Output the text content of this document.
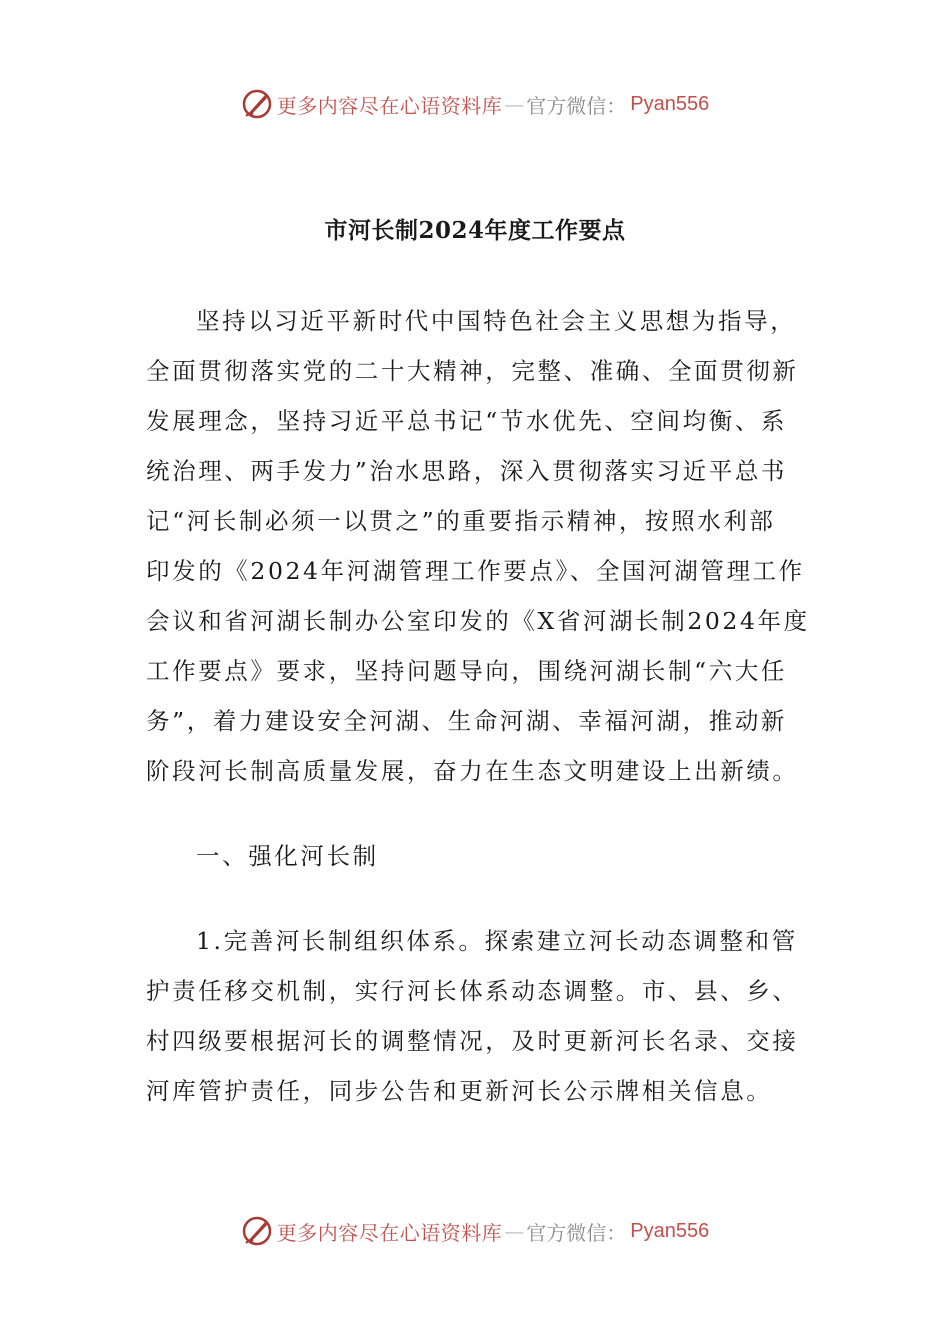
更多内容尽在心语资料库 — 官方微信： Pyan556
市河长制2024年度工作要点
坚持以习近平新时代中国特色社会主义思想为指导，
全面贯彻落实党的二十大精神，完整、准确、全面贯彻新
发展理念，坚持习近平总书记“节水优先、空间均衡、系
统治理、两手发力”治水思路，深入贯彻落实习近平总书
记“河长制必须一以贯之”的重要指示精神，按照水利部
印发的《2024年河湖管理工作要点》、全国河湖管理工作
会议和省河湖长制办公室印发的《X省河湖长制2024年度
工作要点》要求，坚持问题导向，围绕河湖长制“六大任
务”，着力建设安全河湖、生命河湖、幸福河湖，推动新
阶段河长制高质量发展，奋力在生态文明建设上出新绩。
一、强化河长制
1.完善河长制组织体系。探索建立河长动态调整和管
护责任移交机制，实行河长体系动态调整。市、县、乡、
村四级要根据河长的调整情况，及时更新河长名录、交接
河库管护责任，同步公告和更新河长公示牌相关信息。
更多内容尽在心语资料库 — 官方微信： Pyan556
